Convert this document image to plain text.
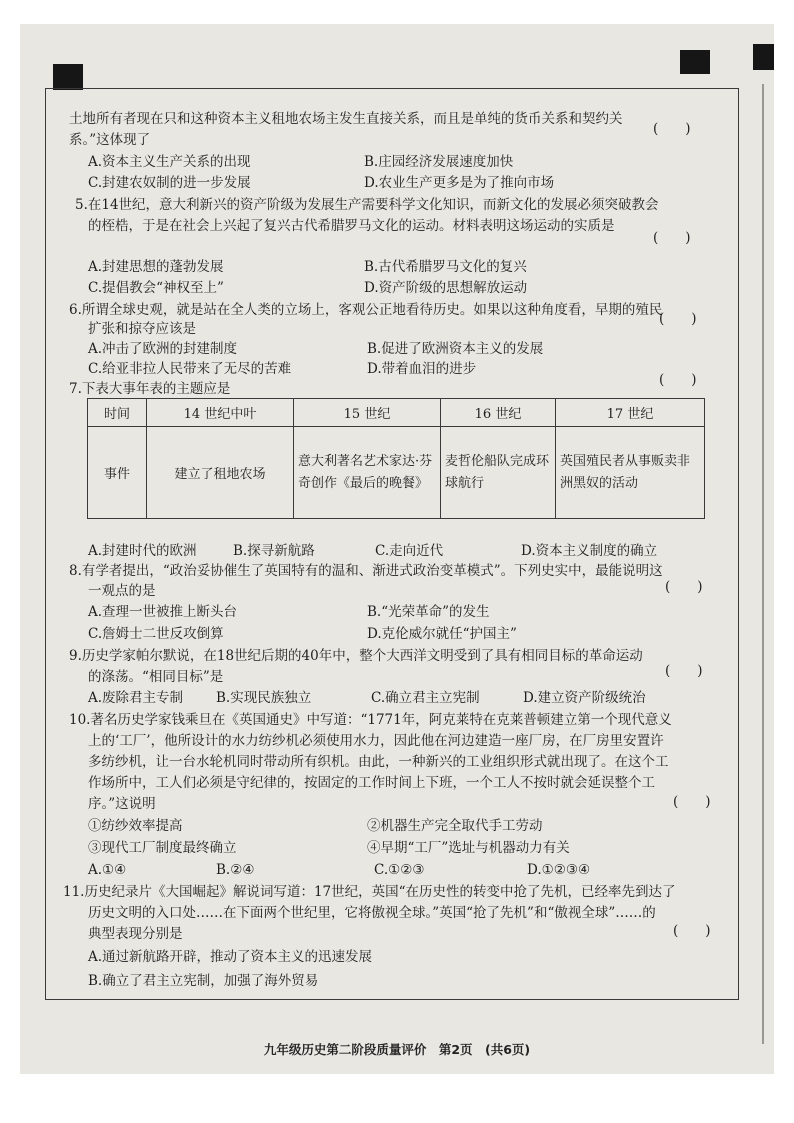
九年级历史第二阶段质量评价　第2页　(共6页)
土地所有者现在只和这种资本主义租地农场主发生直接关系，而且是单纯的货币关系和契约关
系。”这体现了
(　　)
A.资本主义生产关系的出现	B.庄园经济发展速度加快
C.封建农奴制的进一步发展	D.农业生产更多是为了推向市场
5.在14世纪，意大利新兴的资产阶级为发展生产需要科学文化知识，而新文化的发展必须突破教会
的桎梏，于是在社会上兴起了复兴古代希腊罗马文化的运动。材料表明这场运动的实质是
(　　)
A.封建思想的蓬勃发展	B.古代希腊罗马文化的复兴
C.提倡教会“神权至上”	D.资产阶级的思想解放运动
6.所谓全球史观，就是站在全人类的立场上，客观公正地看待历史。如果以这种角度看，早期的殖民
扩张和掠夺应该是
(　　)
A.冲击了欧洲的封建制度	B.促进了欧洲资本主义的发展
C.给亚非拉人民带来了无尽的苦难	D.带着血泪的进步
7.下表大事年表的主题应是
(　　)
时间	14 世纪中叶	15 世纪	16 世纪	17 世纪
事件	建立了租地农场	意大利著名艺术家达·芬奇创作《最后的晚餐》	麦哲伦船队完成环球航行	英国殖民者从事贩卖非洲黑奴的活动
A.封建时代的欧洲	B.探寻新航路	C.走向近代	D.资本主义制度的确立
8.有学者提出，“政治妥协催生了英国特有的温和、渐进式政治变革模式”。下列史实中，最能说明这
一观点的是	(　　)
A.查理一世被推上断头台	B.“光荣革命”的发生
C.詹姆士二世反攻倒算	D.克伦威尔就任“护国主”
9.历史学家帕尔默说，在18世纪后期的40年中，整个大西洋文明受到了具有相同目标的革命运动
的涤荡。“相同目标”是	(　　)
A.废除君主专制 B.实现民族独立	C.确立君主立宪制	D.建立资产阶级统治
10.著名历史学家钱乘旦在《英国通史》中写道：“1771年，阿克莱特在克莱普顿建立第一个现代意义
上的‘工厂’，他所设计的水力纺纱机必须使用水力，因此他在河边建造一座厂房，在厂房里安置许
多纺纱机，让一台水轮机同时带动所有织机。由此，一种新兴的工业组织形式就出现了。在这个工
作场所中，工人们必须是守纪律的，按固定的工作时间上下班，一个工人不按时就会延误整个工
序。”这说明	(　　)
①纺纱效率提高	②机器生产完全取代手工劳动
③现代工厂制度最终确立	④早期“工厂”选址与机器动力有关
A.①④	B.②④	C.①②③	D.①②③④
11.历史纪录片《大国崛起》解说词写道：17世纪，英国“在历史性的转变中抢了先机，已经率先到达了
历史文明的入口处……在下面两个世纪里，它将傲视全球。”英国“抢了先机”和“傲视全球”……的
典型表现分别是	(　　)
A.通过新航路开辟，推动了资本主义的迅速发展
B.确立了君主立宪制，加强了海外贸易
